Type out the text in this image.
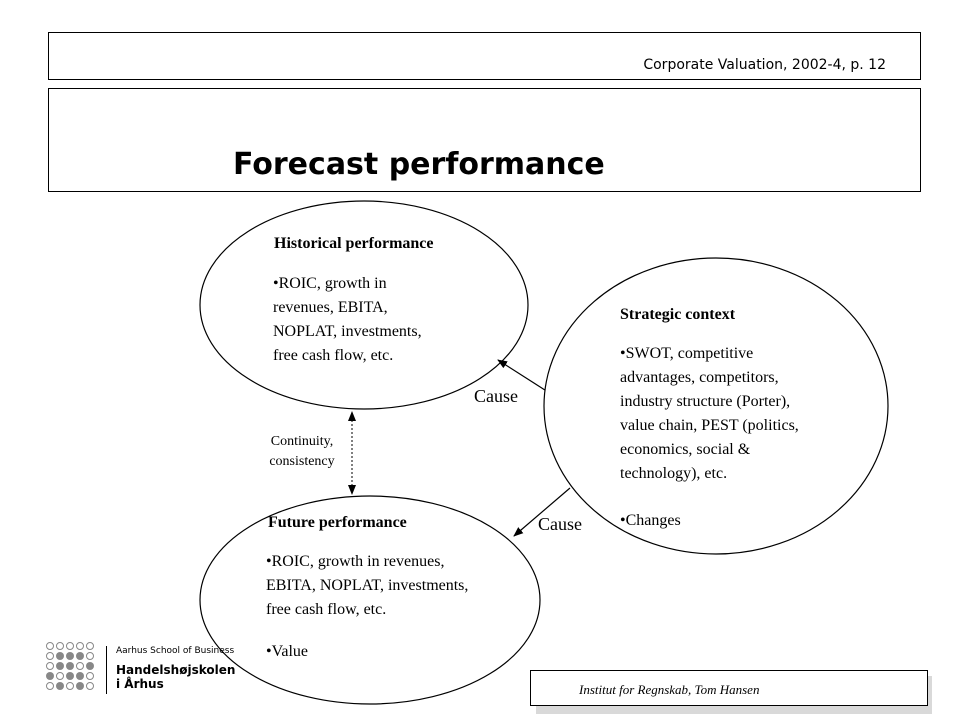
Corporate Valuation, 2002-4, p. 12
Forecast performance
Historical performance
•ROIC, growth in
revenues, EBITA,
NOPLAT, investments,
free cash flow, etc.
Strategic context
•SWOT, competitive
advantages, competitors,
industry structure (Porter),
value chain, PEST (politics,
economics, social &
technology), etc.
•Changes
Future performance
•ROIC, growth in revenues,
EBITA, NOPLAT, investments,
free cash flow, etc.
•Value
Cause
Cause
Continuity,
consistency
Aarhus School of Business
Handelshøjskolen
i Århus	Institut for Regnskab, Tom Hansen
